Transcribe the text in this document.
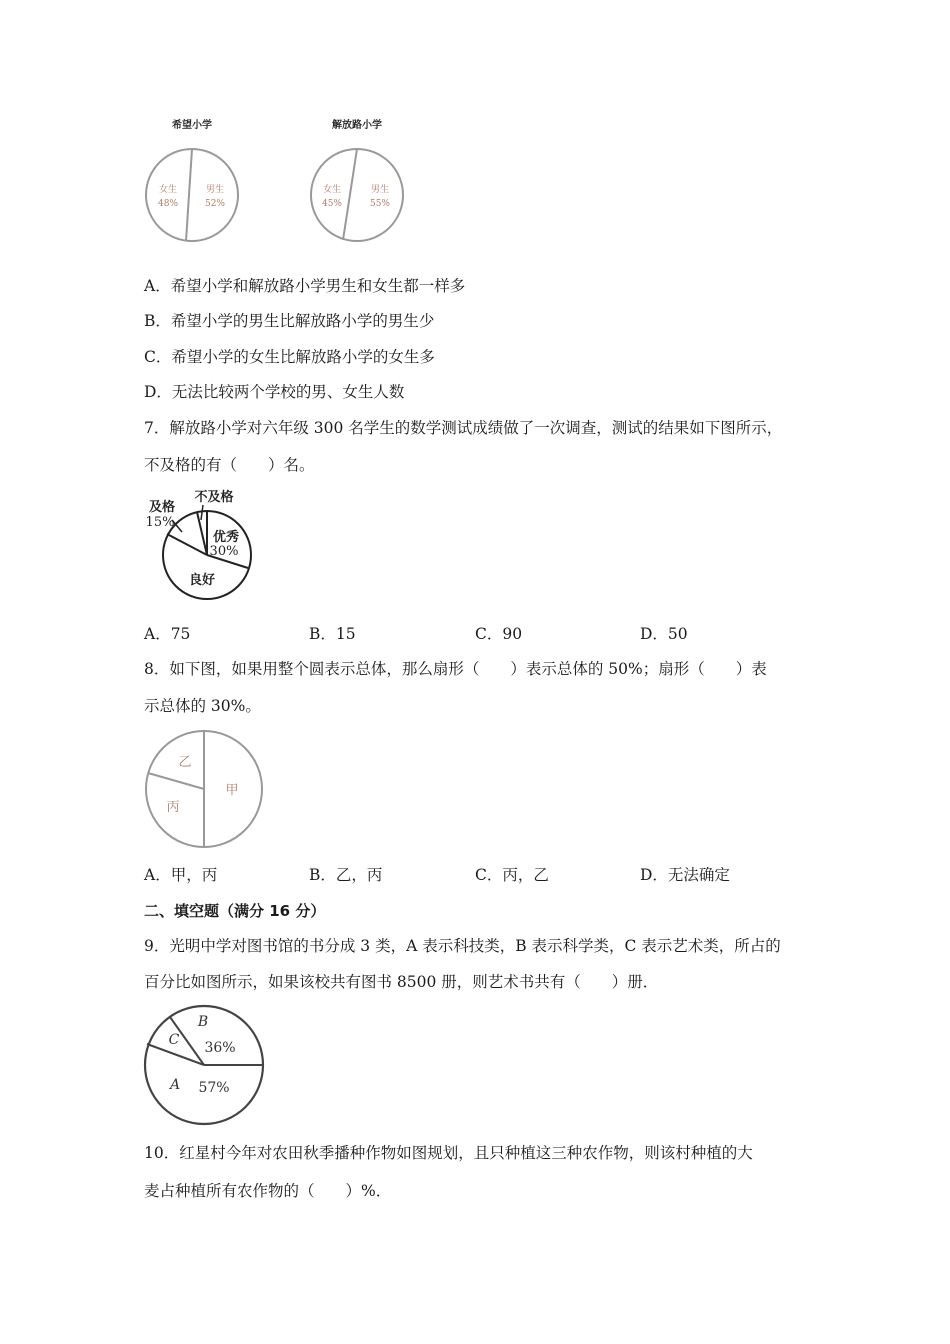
希望小学
女生
48%
男生
52%
解放路小学
女生
45%
男生
55%
A．希望小学和解放路小学男生和女生都一样多
B．希望小学的男生比解放路小学的男生少
C．希望小学的女生比解放路小学的女生多
D．无法比较两个学校的男、女生人数
7．解放路小学对六年级 300 名学生的数学测试成绩做了一次调查，测试的结果如下图所示，
不及格的有（　　）名。
不及格
及格
15%
优秀
30%
良好
A．75	B．15	C．90	D．50
8．如下图，如果用整个圆表示总体，那么扇形（　　）表示总体的 50%；扇形（　　）表
示总体的 30%。
乙
甲
丙
A．甲，丙	B．乙，丙	C．丙，乙	D．无法确定
二、填空题（满分 16 分）
9．光明中学对图书馆的书分成 3 类，A 表示科技类，B 表示科学类，C 表示艺术类，所占的
百分比如图所示，如果该校共有图书 8500 册，则艺术书共有（　　）册．
B
36%
C
A 57%
10．红星村今年对农田秋季播种作物如图规划，且只种植这三种农作物，则该村种植的大
麦占种植所有农作物的（　　）%．
